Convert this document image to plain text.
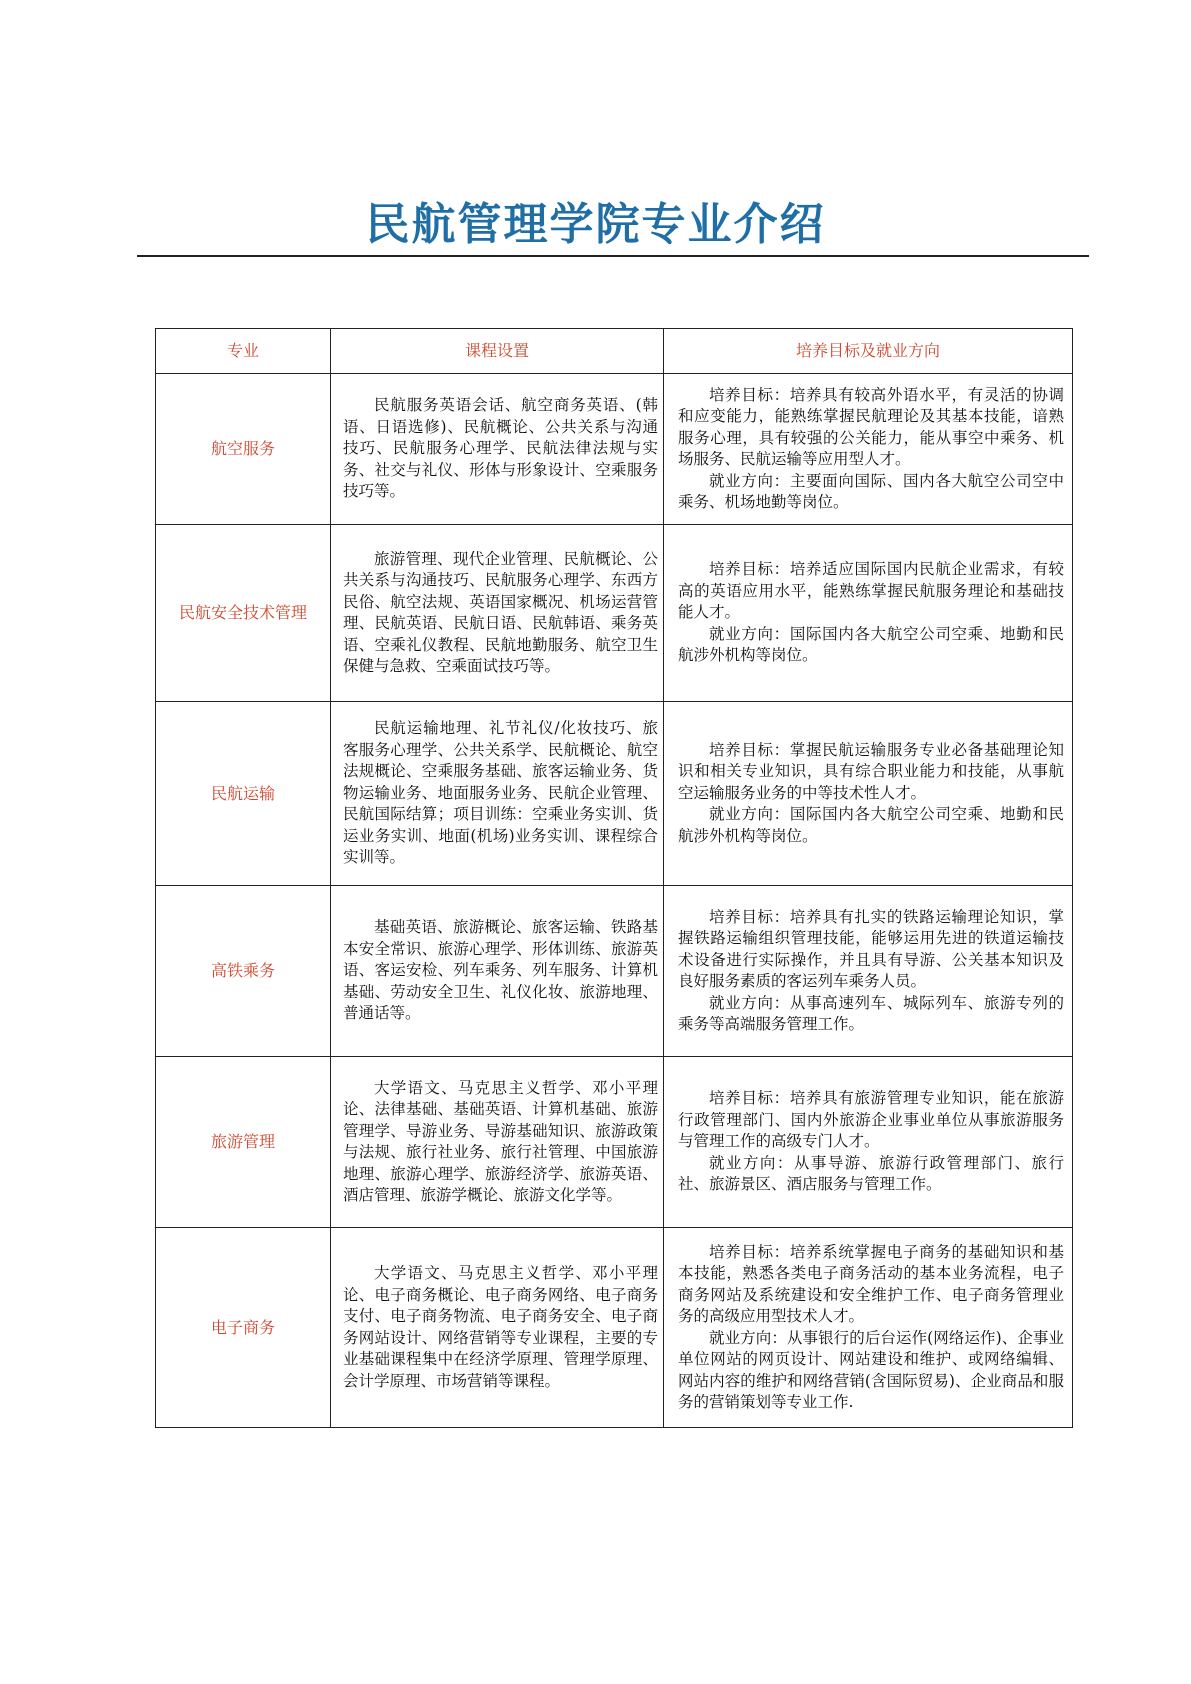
民航管理学院专业介绍
专业	课程设置	培养目标及就业方向
航空服务	民航服务英语会话、航空商务英语、(韩语、日语选修)、民航概论、公共关系与沟通技巧、民航服务心理学、民航法律法规与实务、社交与礼仪、形体与形象设计、空乘服务技巧等。	培养目标：培养具有较高外语水平，有灵活的协调和应变能力，能熟练掌握民航理论及其基本技能，谙熟服务心理，具有较强的公关能力，能从事空中乘务、机场服务、民航运输等应用型人才。

就业方向：主要面向国际、国内各大航空公司空中乘务、机场地勤等岗位。

民航安全技术管理	旅游管理、现代企业管理、民航概论、公共关系与沟通技巧、民航服务心理学、东西方民俗、航空法规、英语国家概况、机场运营管理、民航英语、民航日语、民航韩语、乘务英语、空乘礼仪教程、民航地勤服务、航空卫生保健与急救、空乘面试技巧等。	培养目标：培养适应国际国内民航企业需求，有较高的英语应用水平，能熟练掌握民航服务理论和基础技能人才。

就业方向：国际国内各大航空公司空乘、地勤和民航涉外机构等岗位。

民航运输	民航运输地理、礼节礼仪/化妆技巧、旅客服务心理学、公共关系学、民航概论、航空法规概论、空乘服务基础、旅客运输业务、货物运输业务、地面服务业务、民航企业管理、民航国际结算；项目训练：空乘业务实训、货运业务实训、地面(机场)业务实训、课程综合实训等。	培养目标：掌握民航运输服务专业必备基础理论知识和相关专业知识，具有综合职业能力和技能，从事航空运输服务业务的中等技术性人才。

就业方向：国际国内各大航空公司空乘、地勤和民航涉外机构等岗位。

高铁乘务	基础英语、旅游概论、旅客运输、铁路基本安全常识、旅游心理学、形体训练、旅游英语、客运安检、列车乘务、列车服务、计算机基础、劳动安全卫生、礼仪化妆、旅游地理、普通话等。	培养目标：培养具有扎实的铁路运输理论知识，掌握铁路运输组织管理技能，能够运用先进的铁道运输技术设备进行实际操作，并且具有导游、公关基本知识及良好服务素质的客运列车乘务人员。

就业方向：从事高速列车、城际列车、旅游专列的乘务等高端服务管理工作。

旅游管理	大学语文、马克思主义哲学、邓小平理论、法律基础、基础英语、计算机基础、旅游管理学、导游业务、导游基础知识、旅游政策与法规、旅行社业务、旅行社管理、中国旅游地理、旅游心理学、旅游经济学、旅游英语、酒店管理、旅游学概论、旅游文化学等。	培养目标：培养具有旅游管理专业知识，能在旅游行政管理部门、国内外旅游企业事业单位从事旅游服务与管理工作的高级专门人才。

就业方向：从事导游、旅游行政管理部门、旅行社、旅游景区、酒店服务与管理工作。

电子商务	大学语文、马克思主义哲学、邓小平理论、电子商务概论、电子商务网络、电子商务支付、电子商务物流、电子商务安全、电子商务网站设计、网络营销等专业课程，主要的专业基础课程集中在经济学原理、管理学原理、会计学原理、市场营销等课程。	培养目标：培养系统掌握电子商务的基础知识和基本技能，熟悉各类电子商务活动的基本业务流程，电子商务网站及系统建设和安全维护工作、电子商务管理业务的高级应用型技术人才。

就业方向：从事银行的后台运作(网络运作)、企事业单位网站的网页设计、网站建设和维护、或网络编辑、网站内容的维护和网络营销(含国际贸易)、企业商品和服务的营销策划等专业工作.
